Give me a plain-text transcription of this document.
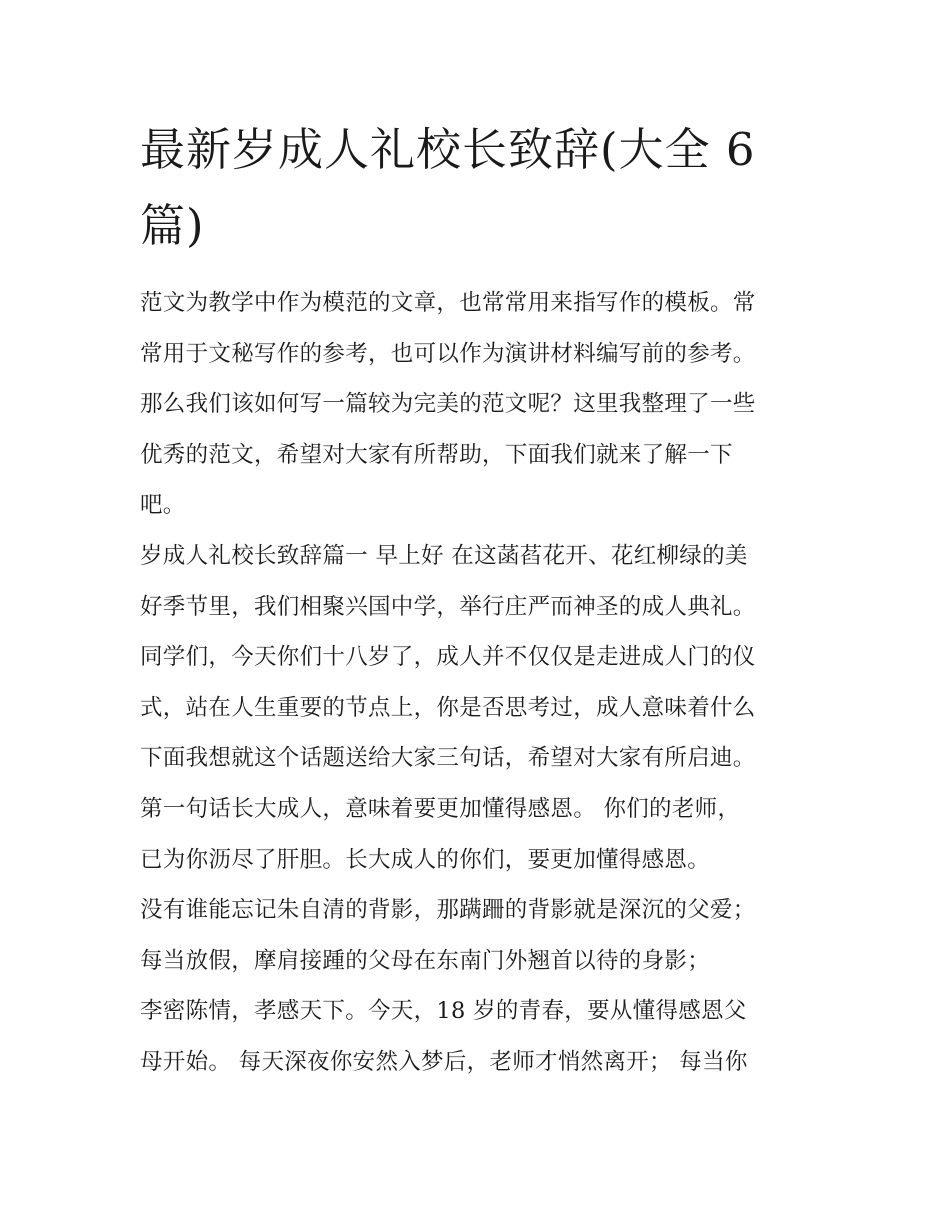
最新岁成人礼校长致辞(大全 6
篇)
范文为教学中作为模范的文章，也常常用来指写作的模板。常
常用于文秘写作的参考，也可以作为演讲材料编写前的参考。
那么我们该如何写一篇较为完美的范文呢？这里我整理了一些
优秀的范文，希望对大家有所帮助，下面我们就来了解一下
吧。
岁成人礼校长致辞篇一 早上好 在这菡萏花开、花红柳绿的美
好季节里，我们相聚兴国中学，举行庄严而神圣的成人典礼。
同学们，今天你们十八岁了，成人并不仅仅是走进成人门的仪
式，站在人生重要的节点上，你是否思考过，成人意味着什么
下面我想就这个话题送给大家三句话，希望对大家有所启迪。
第一句话长大成人，意味着要更加懂得感恩。 你们的老师，
已为你沥尽了肝胆。长大成人的你们，要更加懂得感恩。
没有谁能忘记朱自清的背影，那蹒跚的背影就是深沉的父爱；
每当放假，摩肩接踵的父母在东南门外翘首以待的身影；
李密陈情，孝感天下。今天，18 岁的青春，要从懂得感恩父
母开始。 每天深夜你安然入梦后，老师才悄然离开； 每当你
